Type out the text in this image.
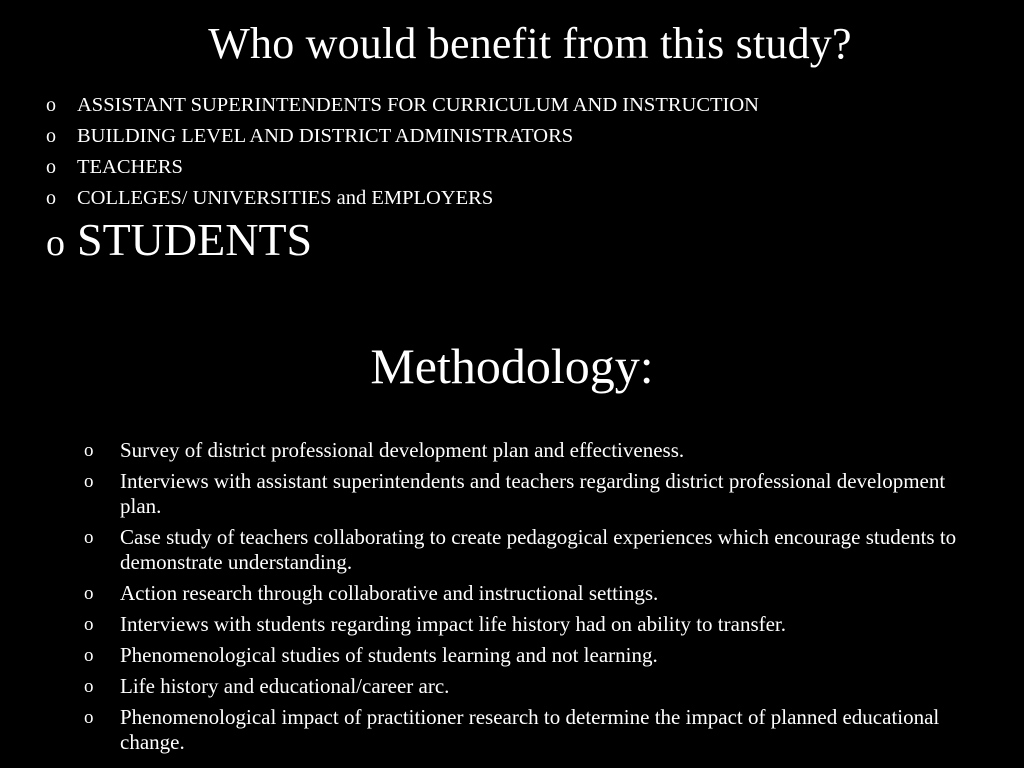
Who would benefit from this study?
o ASSISTANT SUPERINTENDENTS FOR CURRICULUM AND INSTRUCTION
o BUILDING LEVEL AND DISTRICT ADMINISTRATORS
o TEACHERS
o COLLEGES/ UNIVERSITIES and EMPLOYERS
o STUDENTS
Methodology:
o Survey of district professional development plan and effectiveness.
o Interviews with assistant superintendents and teachers regarding district professional development plan.
o Case study of teachers collaborating to create pedagogical experiences which encourage students to demonstrate understanding.
o Action research through collaborative and instructional settings.
o Interviews with students regarding impact life history had on ability to transfer.
o Phenomenological studies of students learning and not learning.
o Life history and educational/career arc.
o Phenomenological impact of practitioner research to determine the impact of planned educational change.
